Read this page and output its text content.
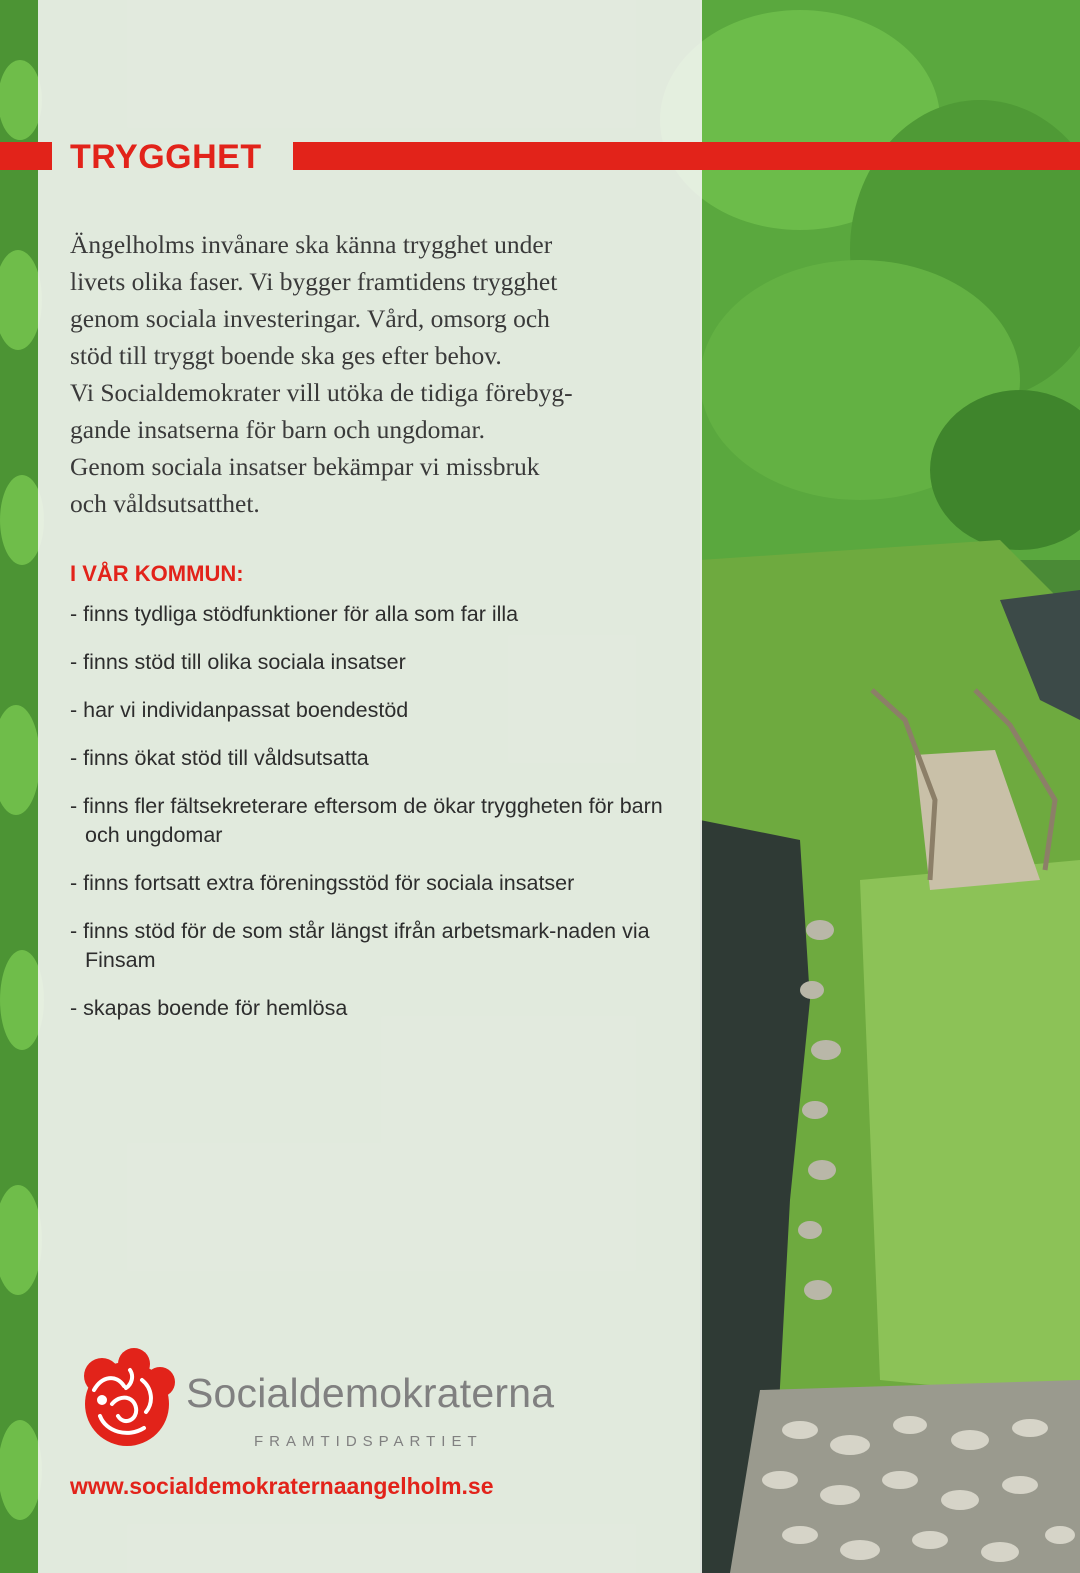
TRYGGHET

Ängelholms invånare ska känna trygghet under
livets olika faser. Vi bygger framtidens trygghet
genom sociala investeringar. Vård, omsorg och
stöd till tryggt boende ska ges efter behov.
Vi Socialdemokrater vill utöka de tidiga förebyg-
gande insatserna för barn och ungdomar.
Genom sociala insatser bekämpar vi missbruk
och våldsutsatthet.

I VÅR KOMMUN:
- finns tydliga stödfunktioner för alla som far illa
- finns stöd till olika sociala insatser
- har vi individanpassat boendestöd
- finns ökat stöd till våldsutsatta
- finns fler fältsekreterare eftersom de ökar tryggheten för barn och ungdomar
- finns fortsatt extra föreningsstöd för sociala insatser
- finns stöd för de som står längst ifrån arbetsmark-naden via Finsam
- skapas boende för hemlösa

Socialdemokraterna

FRAMTIDSPARTIET

www.socialdemokraternaangelholm.se
